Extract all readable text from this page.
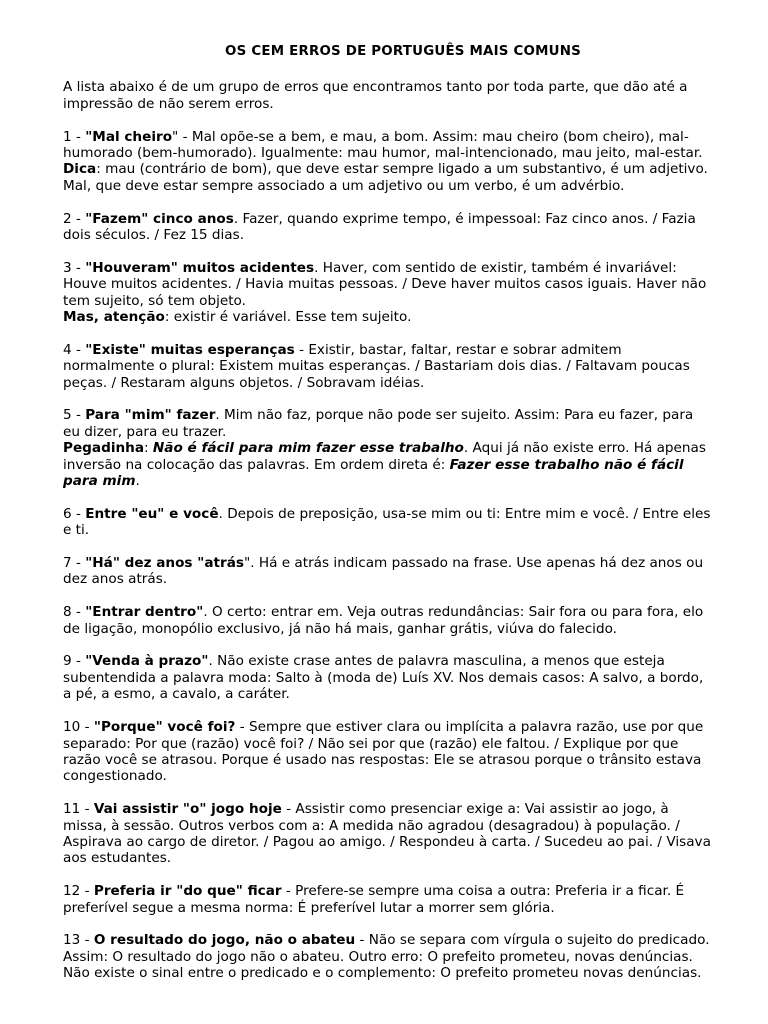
OS CEM ERROS DE PORTUGUÊS MAIS COMUNS

A lista abaixo é de um grupo de erros que encontramos tanto por toda parte, que dão até a impressão de não serem erros.

1 - "Mal cheiro" - Mal opõe-se a bem, e mau, a bom. Assim: mau cheiro (bom cheiro), mal-humorado (bem-humorado). Igualmente: mau humor, mal-intencionado, mau jeito, mal-estar.

Dica: mau (contrário de bom), que deve estar sempre ligado a um substantivo, é um adjetivo. Mal, que deve estar sempre associado a um adjetivo ou um verbo, é um advérbio.

2 - "Fazem" cinco anos. Fazer, quando exprime tempo, é impessoal: Faz cinco anos. / Fazia dois séculos. / Fez 15 dias.

3 - "Houveram" muitos acidentes. Haver, com sentido de existir, também é invariável: Houve muitos acidentes. / Havia muitas pessoas. / Deve haver muitos casos iguais. Haver não tem sujeito, só tem objeto.

Mas, atenção: existir é variável. Esse tem sujeito.

4 - "Existe" muitas esperanças - Existir, bastar, faltar, restar e sobrar admitem normalmente o plural: Existem muitas esperanças. / Bastariam dois dias. / Faltavam poucas peças. / Restaram alguns objetos. / Sobravam idéias.

5 - Para "mim" fazer. Mim não faz, porque não pode ser sujeito. Assim: Para eu fazer, para eu dizer, para eu trazer.

Pegadinha: Não é fácil para mim fazer esse trabalho. Aqui já não existe erro. Há apenas inversão na colocação das palavras. Em ordem direta é: Fazer esse trabalho não é fácil para mim.

6 - Entre "eu" e você. Depois de preposição, usa-se mim ou ti: Entre mim e você. / Entre eles e ti.

7 - "Há" dez anos "atrás". Há e atrás indicam passado na frase. Use apenas há dez anos ou dez anos atrás.

8 - "Entrar dentro". O certo: entrar em. Veja outras redundâncias: Sair fora ou para fora, elo de ligação, monopólio exclusivo, já não há mais, ganhar grátis, viúva do falecido.

9 - "Venda à prazo". Não existe crase antes de palavra masculina, a menos que esteja subentendida a palavra moda: Salto à (moda de) Luís XV. Nos demais casos: A salvo, a bordo, a pé, a esmo, a cavalo, a caráter.

10 - "Porque" você foi? - Sempre que estiver clara ou implícita a palavra razão, use por que separado: Por que (razão) você foi? / Não sei por que (razão) ele faltou. / Explique por que razão você se atrasou. Porque é usado nas respostas: Ele se atrasou porque o trânsito estava congestionado.

11 - Vai assistir "o" jogo hoje - Assistir como presenciar exige a: Vai assistir ao jogo, à missa, à sessão. Outros verbos com a: A medida não agradou (desagradou) à população. / Aspirava ao cargo de diretor. / Pagou ao amigo. / Respondeu à carta. / Sucedeu ao pai. / Visava aos estudantes.

12 - Preferia ir "do que" ficar - Prefere-se sempre uma coisa a outra: Preferia ir a ficar. É preferível segue a mesma norma: É preferível lutar a morrer sem glória.

13 - O resultado do jogo, não o abateu - Não se separa com vírgula o sujeito do predicado. Assim: O resultado do jogo não o abateu. Outro erro: O prefeito prometeu, novas denúncias. Não existe o sinal entre o predicado e o complemento: O prefeito prometeu novas denúncias.
